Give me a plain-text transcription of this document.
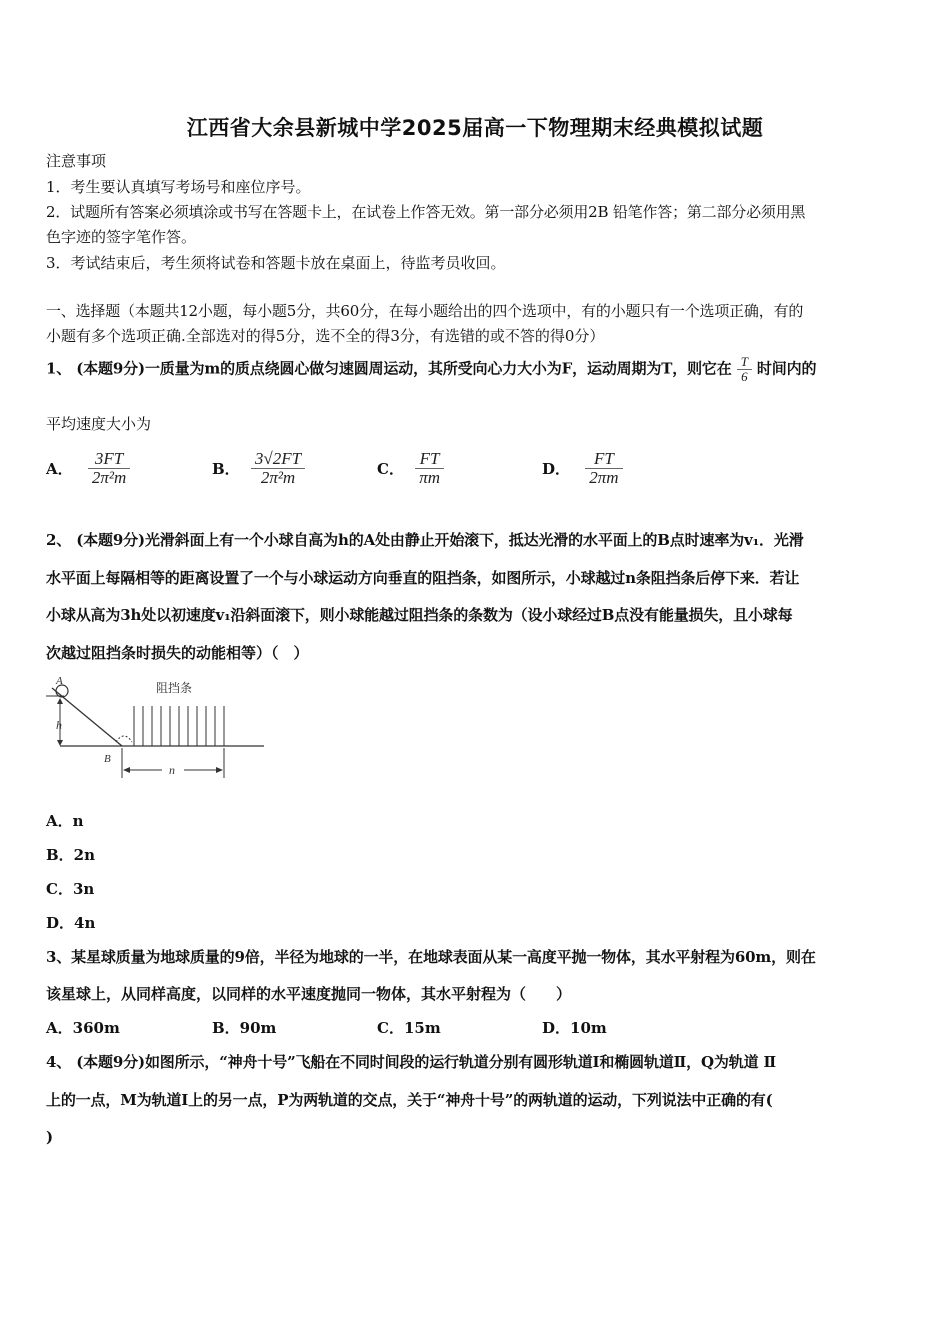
江西省大余县新城中学2025届高一下物理期末经典模拟试题
注意事项
1．考生要认真填写考场号和座位序号。
2．试题所有答案必须填涂或书写在答题卡上，在试卷上作答无效。第一部分必须用2B 铅笔作答；第二部分必须用黑
色字迹的签字笔作答。
3．考试结束后，考生须将试卷和答题卡放在桌面上，待监考员收回。
一、选择题（本题共12小题，每小题5分，共60分，在每小题给出的四个选项中，有的小题只有一个选项正确，有的
小题有多个选项正确.全部选对的得5分，选不全的得3分，有选错的或不答的得0分）
1、 (本题9分)一质量为m的质点绕圆心做匀速圆周运动，其所受向心力大小为F，运动周期为T，则它在 $\frac{T}{6}$ 时间内的
平均速度大小为
A． $\frac{3FT}{\text{2π²m}}$	B． $\frac{3√2FT}{\text{2π²m}}$	C． $\frac{FT}{\pi m}$	D． $\frac{FT}{2\pi m}$
2、 (本题9分)光滑斜面上有一个小球自高为h的A处由静止开始滚下，抵达光滑的水平面上的B点时速率为v₁．光滑
水平面上每隔相等的距离设置了一个与小球运动方向垂直的阻挡条，如图所示，小球越过n条阻挡条后停下来．若让
小球从高为3h处以初速度v₁沿斜面滚下，则小球能越过阻挡条的条数为（设小球经过B点没有能量损失，且小球每
次越过阻挡条时损失的动能相等）（　）
A
h
B
阻挡条
n
A．n
B．2n
C．3n
D．4n
3、某星球质量为地球质量的9倍，半径为地球的一半，在地球表面从某一高度平抛一物体，其水平射程为60m，则在
该星球上，从同样高度，以同样的水平速度抛同一物体，其水平射程为（　　）
A．360m	B．90m	C．15m	D．10m
4、 (本题9分)如图所示，“神舟十号”飞船在不同时间段的运行轨道分别有圆形轨道Ⅰ和椭圆轨道Ⅱ，Q为轨道 Ⅱ
上的一点，M为轨道Ⅰ上的另一点，P为两轨道的交点，关于“神舟十号”的两轨道的运动，下列说法中正确的有(
)
